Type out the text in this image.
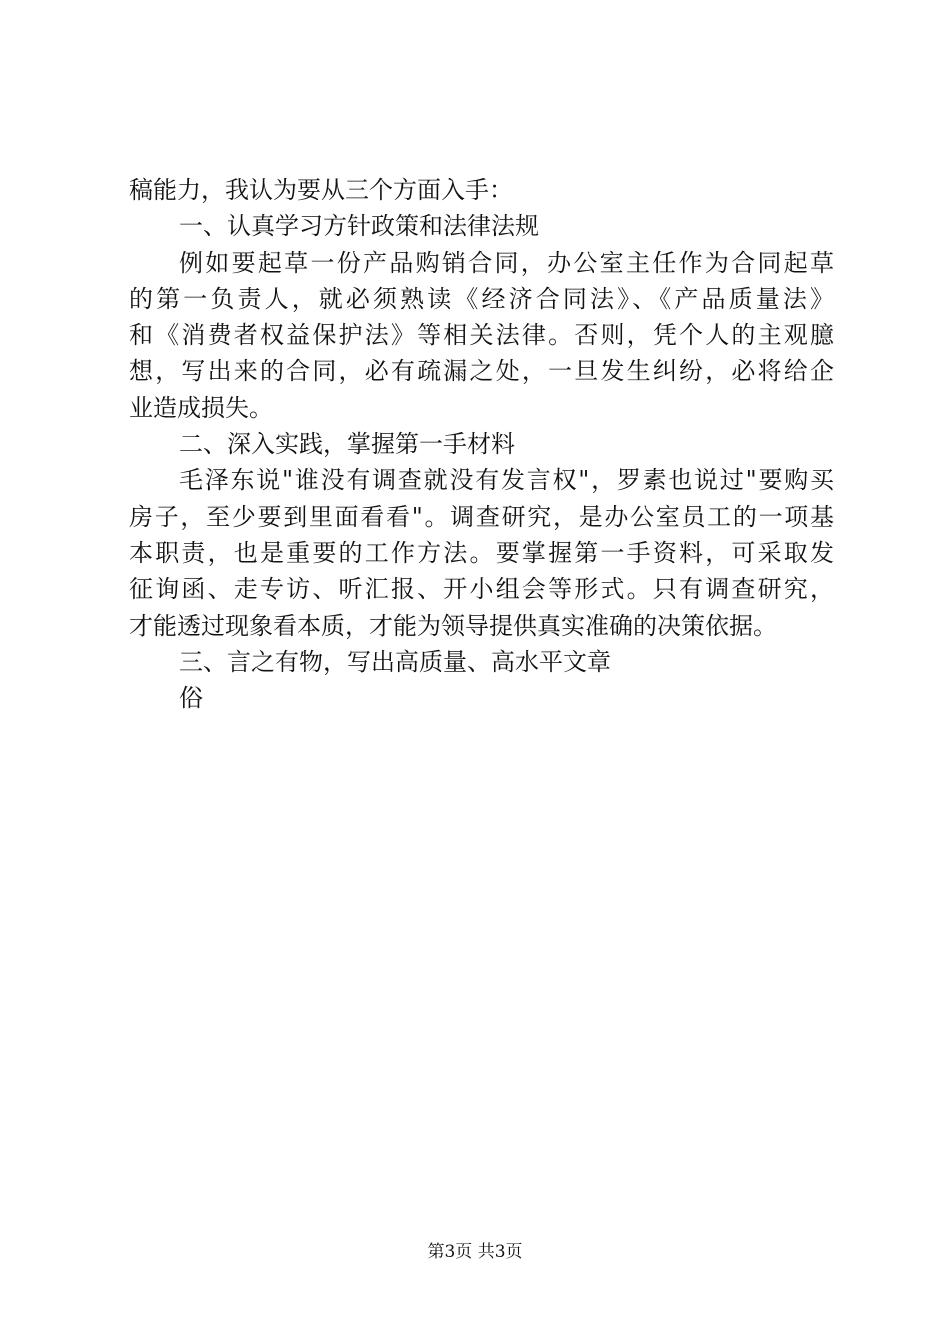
稿能力，我认为要从三个方面入手：
一、认真学习方针政策和法律法规
例如要起草一份产品购销合同，办公室主任作为合同起草
的第一负责人，就必须熟读《经济合同法》、《产品质量法》
和《消费者权益保护法》等相关法律。否则，凭个人的主观臆
想，写出来的合同，必有疏漏之处，一旦发生纠纷，必将给企
业造成损失。
二、深入实践，掌握第一手材料
毛泽东说"谁没有调查就没有发言权"，罗素也说过"要购买
房子，至少要到里面看看"。调查研究，是办公室员工的一项基
本职责，也是重要的工作方法。要掌握第一手资料，可采取发
征询函、走专访、听汇报、开小组会等形式。只有调查研究，
才能透过现象看本质，才能为领导提供真实准确的决策依据。
三、言之有物，写出高质量、高水平文章
俗
第3页 共3页
